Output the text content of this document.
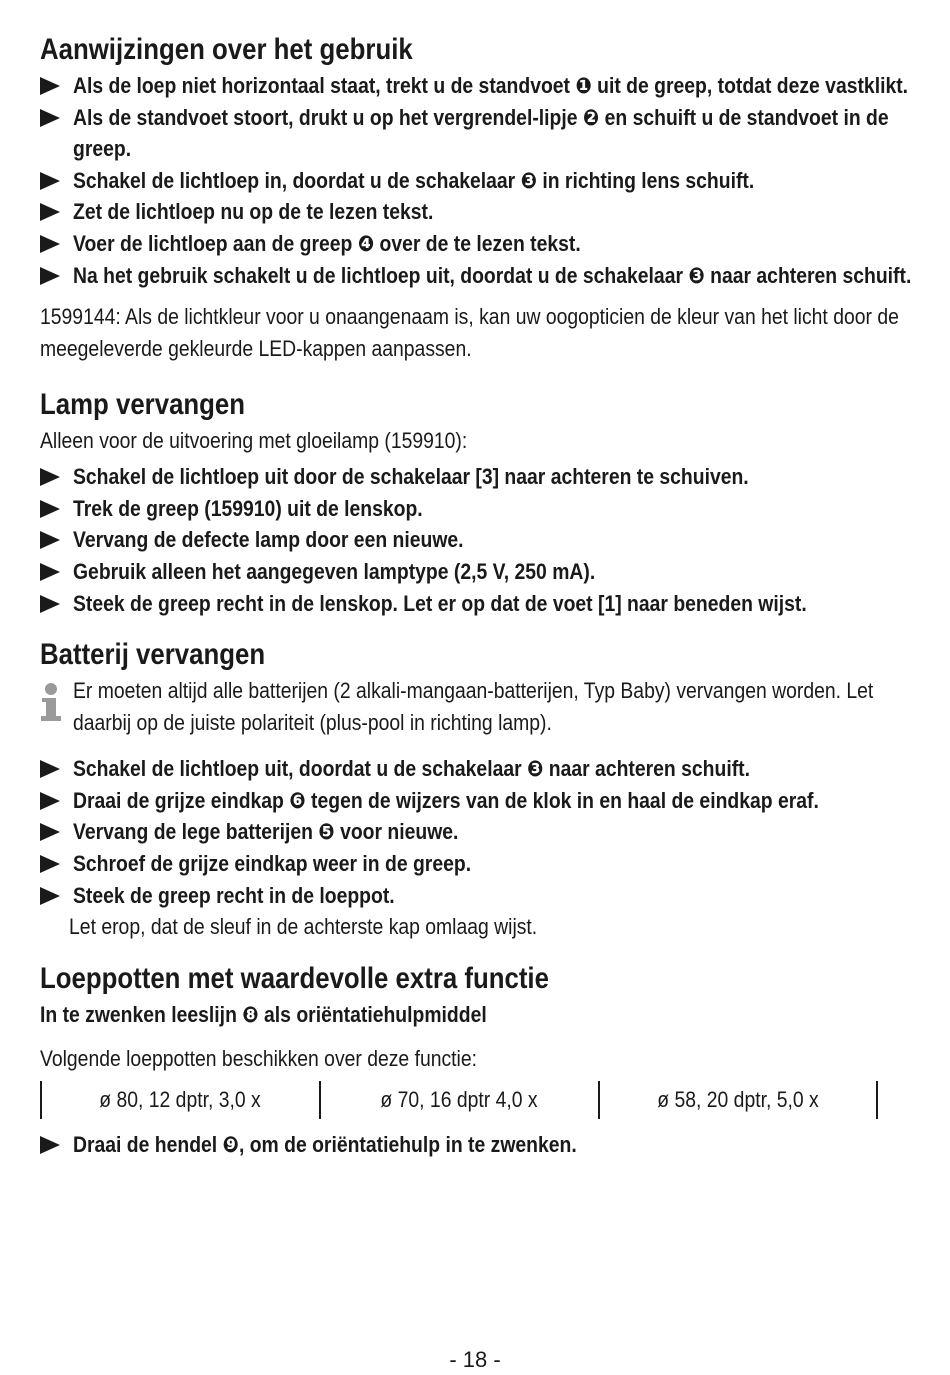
Aanwijzingen over het gebruik
Als de loep niet horizontaal staat, trekt u de standvoet ❶ uit de greep, totdat deze vastklikt.
Als de standvoet stoort, drukt u op het vergrendel-lipje ❷ en schuift u de standvoet in de greep.
Schakel de lichtloep in, doordat u de schakelaar ❸ in richting lens schuift.
Zet de lichtloep nu op de te lezen tekst.
Voer de lichtloep aan de greep ❹ over de te lezen tekst.
Na het gebruik schakelt u de lichtloep uit, doordat u de schakelaar ❸ naar achteren schuift.

1599144: Als de lichtkleur voor u onaangenaam is, kan uw oogopticien de kleur van het licht door de meegeleverde gekleurde LED-kappen aanpassen.

Lamp vervangen

Alleen voor de uitvoering met gloeilamp (159910):

Schakel de lichtloep uit door de schakelaar [3] naar achteren te schuiven.
Trek de greep (159910) uit de lenskop.
Vervang de defecte lamp door een nieuwe.
Gebruik alleen het aangegeven lamptype (2,5 V, 250 mA).
Steek de greep recht in de lenskop. Let er op dat de voet [1] naar beneden wijst.
Batterij vervangen

Er moeten altijd alle batterijen (2 alkali-mangaan-batterijen, Typ Baby) vervangen worden. Let daarbij op de juiste polariteit (plus-pool in richting lamp).

Schakel de lichtloep uit, doordat u de schakelaar ❸ naar achteren schuift.
Draai de grijze eindkap ❻ tegen de wijzers van de klok in en haal de eindkap eraf.
Vervang de lege batterijen ❺ voor nieuwe.
Schroef de grijze eindkap weer in de greep.
Steek de greep recht in de loeppot.

Let erop, dat de sleuf in de achterste kap omlaag wijst.

Loeppotten met waardevolle extra functie

In te zwenken leeslijn ❽ als oriëntatiehulpmiddel

Volgende loeppotten beschikken over deze functie:

ø 80, 12 dptr, 3,0 x	ø 70, 16 dptr 4,0 x	ø 58, 20 dptr, 5,0 x
Draai de hendel ❾, om de oriëntatiehulp in te zwenken.
- 18 -
